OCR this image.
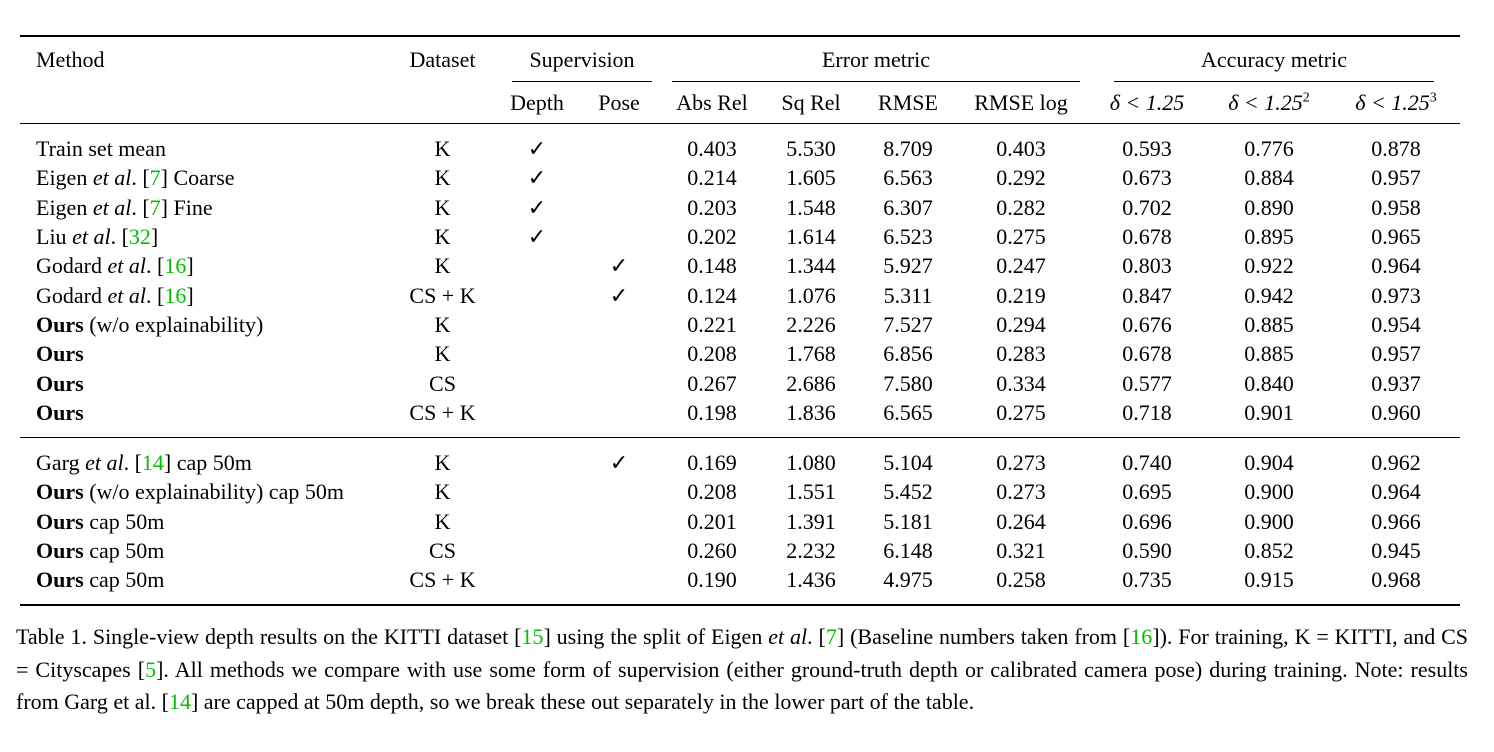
Method	Dataset	Supervision		Error metric				Accuracy metric		
		Depth	Pose	Abs Rel	Sq Rel	RMSE	RMSE log	δ < 1.25	$\delta < 1.25^2$	$\delta < 1.25^3$

Train set mean	K	✓		0.403	5.530	8.709	0.403	0.593	0.776	0.878
Eigen et al. [7] Coarse	K	✓		0.214	1.605	6.563	0.292	0.673	0.884	0.957
Eigen et al. [7] Fine	K	✓		0.203	1.548	6.307	0.282	0.702	0.890	0.958
Liu et al. [32]	K	✓		0.202	1.614	6.523	0.275	0.678	0.895	0.965
Godard et al. [16]	K		✓	0.148	1.344	5.927	0.247	0.803	0.922	0.964
Godard et al. [16]	CS + K		✓	0.124	1.076	5.311	0.219	0.847	0.942	0.973
Ours (w/o explainability)	K			0.221	2.226	7.527	0.294	0.676	0.885	0.954
Ours	K			0.208	1.768	6.856	0.283	0.678	0.885	0.957
Ours	CS			0.267	2.686	7.580	0.334	0.577	0.840	0.937
Ours	CS + K			0.198	1.836	6.565	0.275	0.718	0.901	0.960

Garg et al. [14] cap 50m	K		✓	0.169	1.080	5.104	0.273	0.740	0.904	0.962
Ours (w/o explainability) cap 50m	K			0.208	1.551	5.452	0.273	0.695	0.900	0.964
Ours cap 50m	K			0.201	1.391	5.181	0.264	0.696	0.900	0.966
Ours cap 50m	CS			0.260	2.232	6.148	0.321	0.590	0.852	0.945
Ours cap 50m	CS + K			0.190	1.436	4.975	0.258	0.735	0.915	0.968

Table 1. Single-view depth results on the KITTI dataset [15] using the split of Eigen et al. [7] (Baseline numbers taken from [16]). For training, K = KITTI, and CS = Cityscapes [5]. All methods we compare with use some form of supervision (either ground-truth depth or calibrated camera pose) during training. Note: results from Garg et al. [14] are capped at 50m depth, so we break these out separately in the lower part of the table.
